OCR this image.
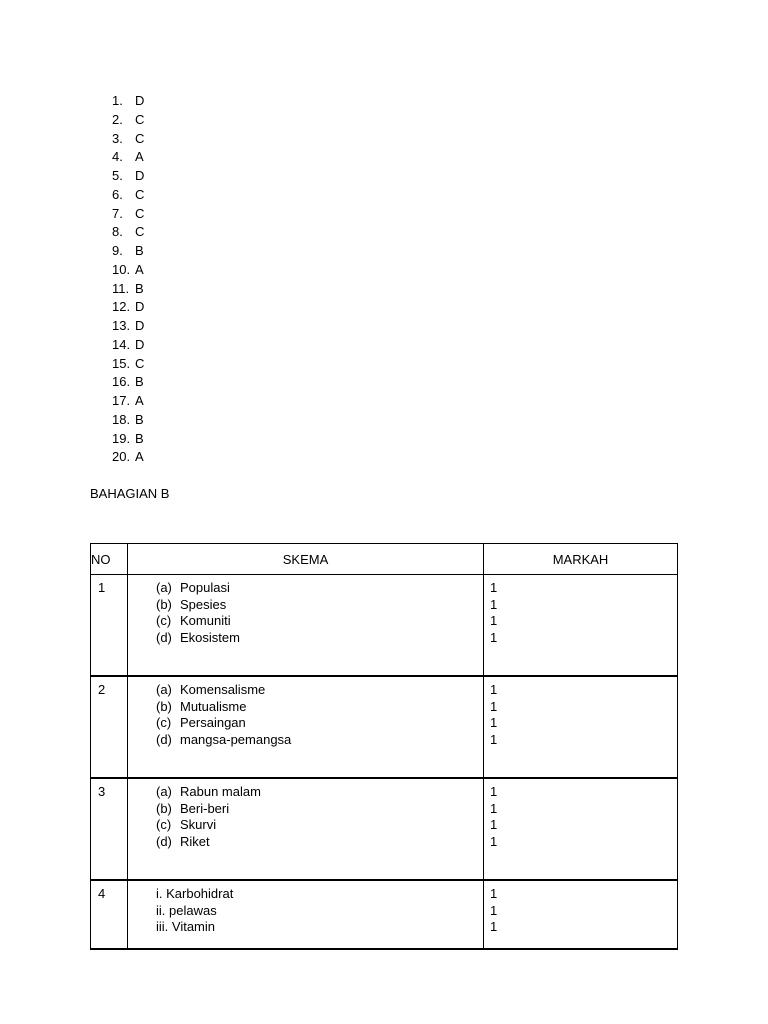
1. D
2. C
3. C
4. A
5. D
6. C
7. C
8. C
9. B
10. A
11. B
12. D
13. D
14. D
15. C
16. B
17. A
18. B
19. B
20. A
BAHAGIAN B
NO	SKEMA	MARKAH
1	(a) Populasi
(b) Spesies
(c) Komuniti
(d) Ekosistem	1
1
1
1

2	(a) Komensalisme
(b) Mutualisme
(c) Persaingan
(d) mangsa-pemangsa	1
1
1
1

3	(a) Rabun malam
(b) Beri-beri
(c) Skurvi
(d) Riket	1
1
1
1

4	i. Karbohidrat
ii. pelawas
iii. Vitamin	1
1
1
